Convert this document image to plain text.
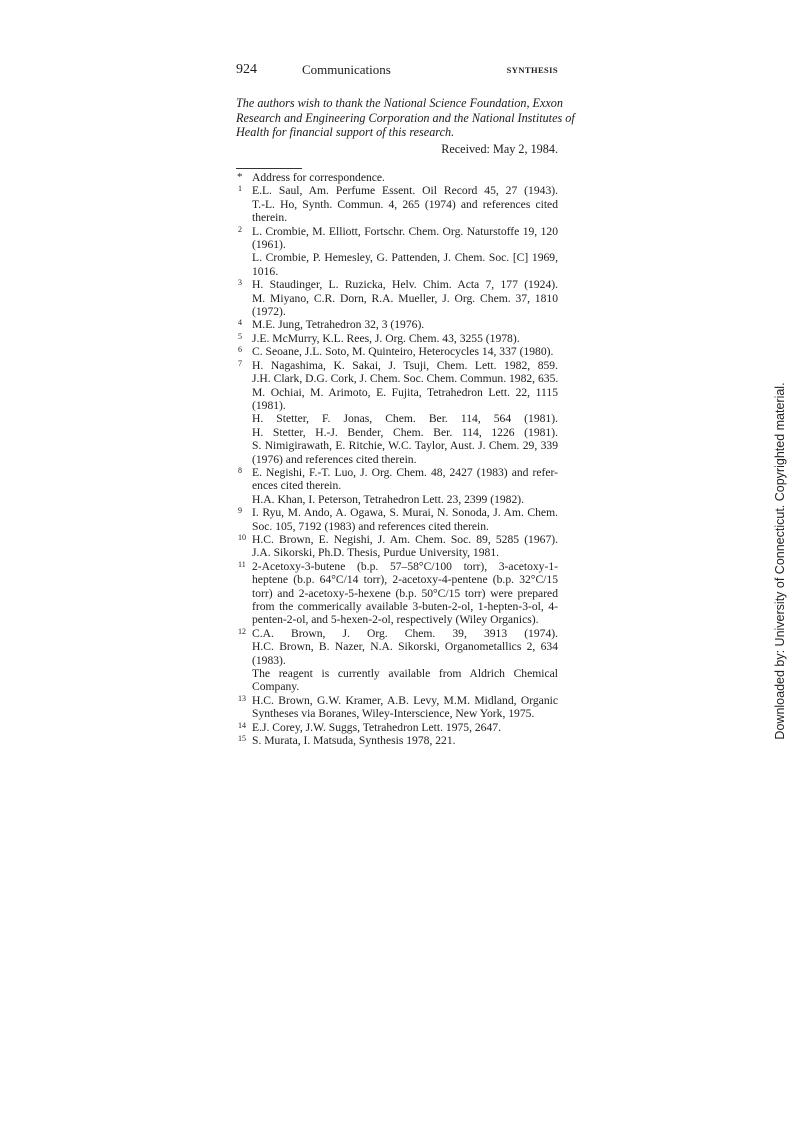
924	Communications	SYNTHESIS
The authors wish to thank the National Science Foundation, Exxon
Research and Engineering Corporation and the National Institutes of
Health for financial support of this research.
Received: May 2, 1984.
* Address for correspondence.
1 E.L. Saul, Am. Perfume Essent. Oil Record 45, 27 (1943).
T.-L. Ho, Synth. Commun. 4, 265 (1974) and references cited
therein.
2 L. Crombie, M. Elliott, Fortschr. Chem. Org. Naturstoffe 19, 120
(1961).
L. Crombie, P. Hemesley, G. Pattenden, J. Chem. Soc. [C] 1969,
1016.
3 H. Staudinger, L. Ruzicka, Helv. Chim. Acta 7, 177 (1924).
M. Miyano, C.R. Dorn, R.A. Mueller, J. Org. Chem. 37, 1810
(1972).
4 M.E. Jung, Tetrahedron 32, 3 (1976).
5 J.E. McMurry, K.L. Rees, J. Org. Chem. 43, 3255 (1978).
6 C. Seoane, J.L. Soto, M. Quinteiro, Heterocycles 14, 337 (1980).
7 H. Nagashima, K. Sakai, J. Tsuji, Chem. Lett. 1982, 859.
J.H. Clark, D.G. Cork, J. Chem. Soc. Chem. Commun. 1982, 635.
M. Ochiai, M. Arimoto, E. Fujita, Tetrahedron Lett. 22, 1115
(1981).
H. Stetter, F. Jonas, Chem. Ber. 114, 564 (1981).
H. Stetter, H.-J. Bender, Chem. Ber. 114, 1226 (1981).
S. Nimigirawath, E. Ritchie, W.C. Taylor, Aust. J. Chem. 29, 339
(1976) and references cited therein.
8 E. Negishi, F.-T. Luo, J. Org. Chem. 48, 2427 (1983) and refer-
ences cited therein.
H.A. Khan, I. Peterson, Tetrahedron Lett. 23, 2399 (1982).
9 I. Ryu, M. Ando, A. Ogawa, S. Murai, N. Sonoda, J. Am. Chem.
Soc. 105, 7192 (1983) and references cited therein.
10 H.C. Brown, E. Negishi, J. Am. Chem. Soc. 89, 5285 (1967).
J.A. Sikorski, Ph.D. Thesis, Purdue University, 1981.
11 2-Acetoxy-3-butene (b.p. 57–58°C/100 torr), 3-acetoxy-1-
heptene (b.p. 64°C/14 torr), 2-acetoxy-4-pentene (b.p. 32°C/15
torr) and 2-acetoxy-5-hexene (b.p. 50°C/15 torr) were prepared
from the commerically available 3-buten-2-ol, 1-hepten-3-ol, 4-
penten-2-ol, and 5-hexen-2-ol, respectively (Wiley Organics).
12 C.A. Brown, J. Org. Chem. 39, 3913 (1974).
H.C. Brown, B. Nazer, N.A. Sikorski, Organometallics 2, 634
(1983).
The reagent is currently available from Aldrich Chemical
Company.
13 H.C. Brown, G.W. Kramer, A.B. Levy, M.M. Midland, Organic
Syntheses via Boranes, Wiley-Interscience, New York, 1975.
14 E.J. Corey, J.W. Suggs, Tetrahedron Lett. 1975, 2647.
15 S. Murata, I. Matsuda, Synthesis 1978, 221.
Downloaded by: University of Connecticut. Copyrighted material.
